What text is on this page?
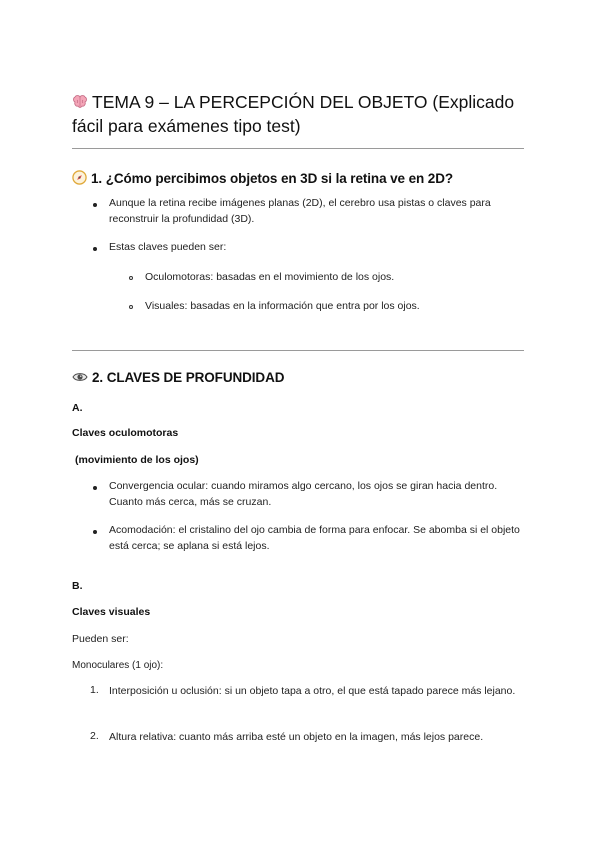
TEMA 9 – LA PERCEPCIÓN DEL OBJETO (Explicado fácil para exámenes tipo test)
1. ¿Cómo percibimos objetos en 3D si la retina ve en 2D?
Aunque la retina recibe imágenes planas (2D), el cerebro usa pistas o claves para reconstruir la profundidad (3D).
Estas claves pueden ser:
Oculomotoras: basadas en el movimiento de los ojos.
Visuales: basadas en la información que entra por los ojos.
2. CLAVES DE PROFUNDIDAD
A.
Claves oculomotoras
(movimiento de los ojos)
Convergencia ocular: cuando miramos algo cercano, los ojos se giran hacia dentro. Cuanto más cerca, más se cruzan.
Acomodación: el cristalino del ojo cambia de forma para enfocar. Se abomba si el objeto está cerca; se aplana si está lejos.
B.
Claves visuales
Pueden ser:
Monoculares (1 ojo):
1. Interposición u oclusión: si un objeto tapa a otro, el que está tapado parece más lejano.
2. Altura relativa: cuanto más arriba esté un objeto en la imagen, más lejos parece.
